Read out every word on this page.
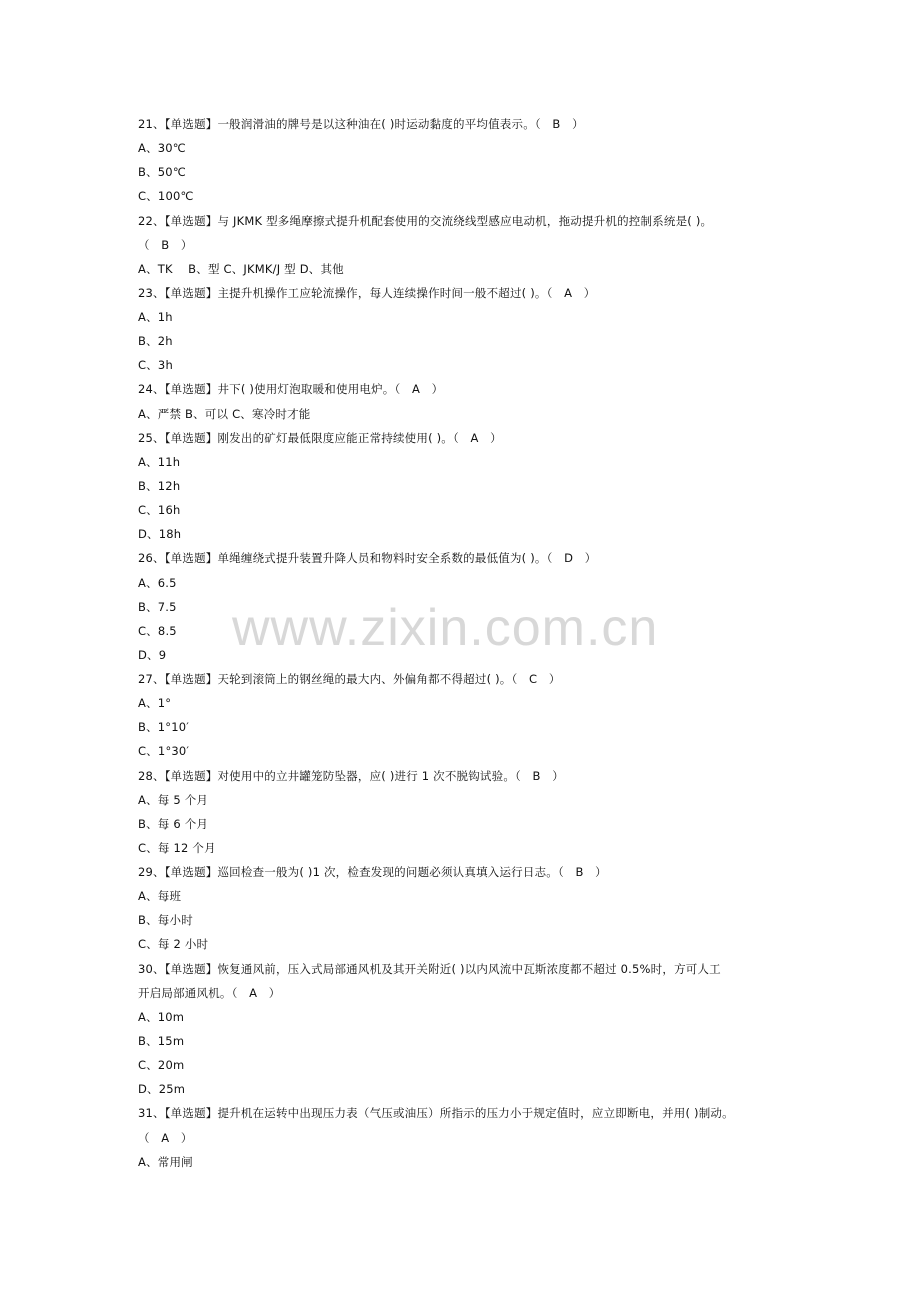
www.zixin.com.cn
21、【单选题】一般润滑油的牌号是以这种油在( )时运动黏度的平均值表示。（   B   ）
A、30℃
B、50℃
C、100℃
22、【单选题】与 JKMK 型多绳摩擦式提升机配套使用的交流绕线型感应电动机，拖动提升机的控制系统是( )。
（   B   ）
A、TK    B、型 C、JKMK/J 型 D、其他
23、【单选题】主提升机操作工应轮流操作，每人连续操作时间一般不超过( )。（   A   ）
A、1h
B、2h
C、3h
24、【单选题】井下( )使用灯泡取暖和使用电炉。（   A   ）
A、严禁 B、可以 C、寒冷时才能
25、【单选题】刚发出的矿灯最低限度应能正常持续使用( )。（   A   ）
A、11h
B、12h
C、16h
D、18h
26、【单选题】单绳缠绕式提升装置升降人员和物料时安全系数的最低值为( )。（   D   ）
A、6.5
B、7.5
C、8.5
D、9
27、【单选题】天轮到滚筒上的钢丝绳的最大内、外偏角都不得超过( )。（   C   ）
A、1°
B、1°10′
C、1°30′
28、【单选题】对使用中的立井罐笼防坠器，应( )进行 1 次不脱钩试验。（   B   ）
A、每 5 个月
B、每 6 个月
C、每 12 个月
29、【单选题】巡回检查一般为( )1 次，检查发现的问题必须认真填入运行日志。（   B   ）
A、每班
B、每小时
C、每 2 小时
30、【单选题】恢复通风前，压入式局部通风机及其开关附近( )以内风流中瓦斯浓度都不超过 0.5%时，方可人工
开启局部通风机。（   A   ）
A、10m
B、15m
C、20m
D、25m
31、【单选题】提升机在运转中出现压力表（气压或油压）所指示的压力小于规定值时，应立即断电，并用( )制动。
（   A   ）
A、常用闸
